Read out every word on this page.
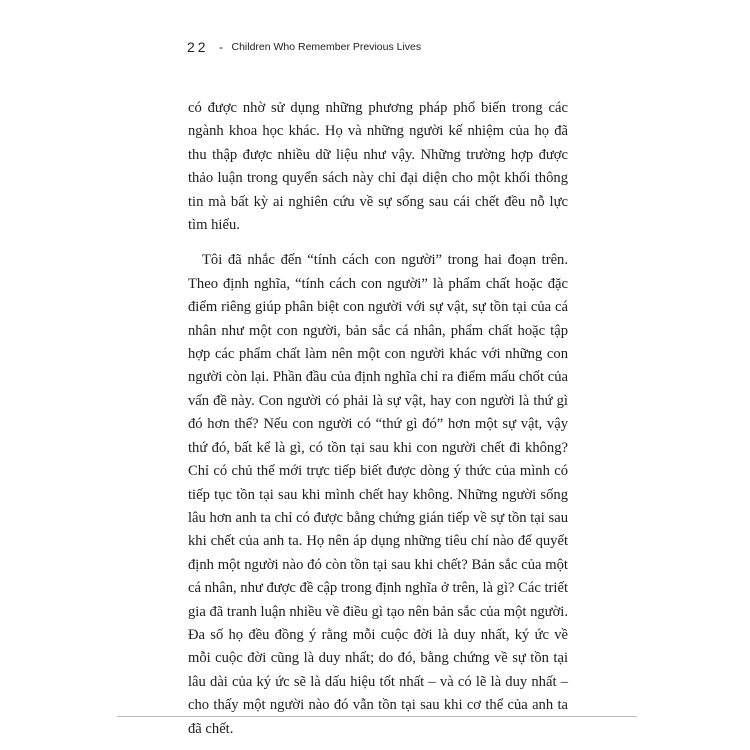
22 - Children Who Remember Previous Lives

có được nhờ sử dụng những phương pháp phổ biến trong các ngành khoa học khác. Họ và những người kế nhiệm của họ đã thu thập được nhiều dữ liệu như vậy. Những trường hợp được thảo luận trong quyển sách này chỉ đại diện cho một khối thông tin mà bất kỳ ai nghiên cứu về sự sống sau cái chết đều nỗ lực tìm hiểu.

Tôi đã nhắc đến “tính cách con người” trong hai đoạn trên. Theo định nghĩa, “tính cách con người” là phẩm chất hoặc đặc điểm riêng giúp phân biệt con người với sự vật, sự tồn tại của cá nhân như một con người, bản sắc cá nhân, phẩm chất hoặc tập hợp các phẩm chất làm nên một con người khác với những con người còn lại. Phần đầu của định nghĩa chỉ ra điểm mấu chốt của vấn đề này. Con người có phải là sự vật, hay con người là thứ gì đó hơn thế? Nếu con người có “thứ gì đó” hơn một sự vật, vậy thứ đó, bất kể là gì, có tồn tại sau khi con người chết đi không? Chỉ có chủ thể mới trực tiếp biết được dòng ý thức của mình có tiếp tục tồn tại sau khi mình chết hay không. Những người sống lâu hơn anh ta chỉ có được bằng chứng gián tiếp về sự tồn tại sau khi chết của anh ta. Họ nên áp dụng những tiêu chí nào để quyết định một người nào đó còn tồn tại sau khi chết? Bản sắc của một cá nhân, như được đề cập trong định nghĩa ở trên, là gì? Các triết gia đã tranh luận nhiều về điều gì tạo nên bản sắc của một người. Đa số họ đều đồng ý rằng mỗi cuộc đời là duy nhất, ký ức về mỗi cuộc đời cũng là duy nhất; do đó, bằng chứng về sự tồn tại lâu dài của ký ức sẽ là dấu hiệu tốt nhất – và có lẽ là duy nhất – cho thấy một người nào đó vẫn tồn tại sau khi cơ thể của anh ta đã chết.
